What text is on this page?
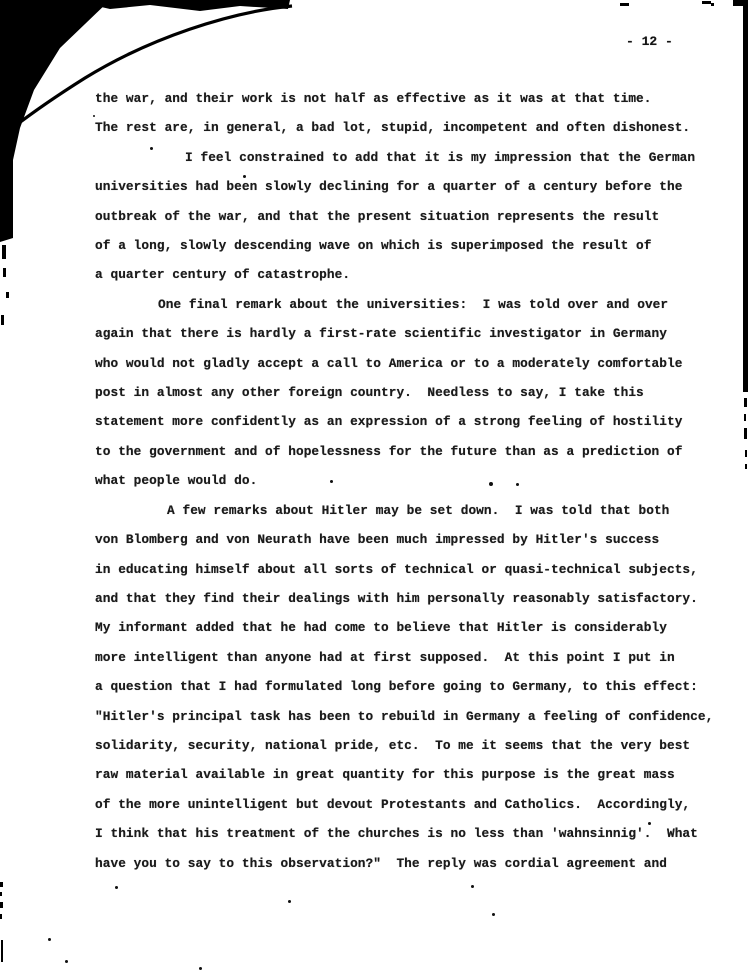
- 12 -
the war, and their work is not half as effective as it was at that time.
The rest are, in general, a bad lot, stupid, incompetent and often dishonest.
I feel constrained to add that it is my impression that the German
universities had been slowly declining for a quarter of a century before the
outbreak of the war, and that the present situation represents the result
of a long, slowly descending wave on which is superimposed the result of
a quarter century of catastrophe.
One final remark about the universities:  I was told over and over
again that there is hardly a first-rate scientific investigator in Germany
who would not gladly accept a call to America or to a moderately comfortable
post in almost any other foreign country.  Needless to say, I take this
statement more confidently as an expression of a strong feeling of hostility
to the government and of hopelessness for the future than as a prediction of
what people would do.
A few remarks about Hitler may be set down.  I was told that both
von Blomberg and von Neurath have been much impressed by Hitler's success
in educating himself about all sorts of technical or quasi-technical subjects,
and that they find their dealings with him personally reasonably satisfactory.
My informant added that he had come to believe that Hitler is considerably
more intelligent than anyone had at first supposed.  At this point I put in
a question that I had formulated long before going to Germany, to this effect:
"Hitler's principal task has been to rebuild in Germany a feeling of confidence,
solidarity, security, national pride, etc.  To me it seems that the very best
raw material available in great quantity for this purpose is the great mass
of the more unintelligent but devout Protestants and Catholics.  Accordingly,
I think that his treatment of the churches is no less than 'wahnsinnig'.  What
have you to say to this observation?"  The reply was cordial agreement and
